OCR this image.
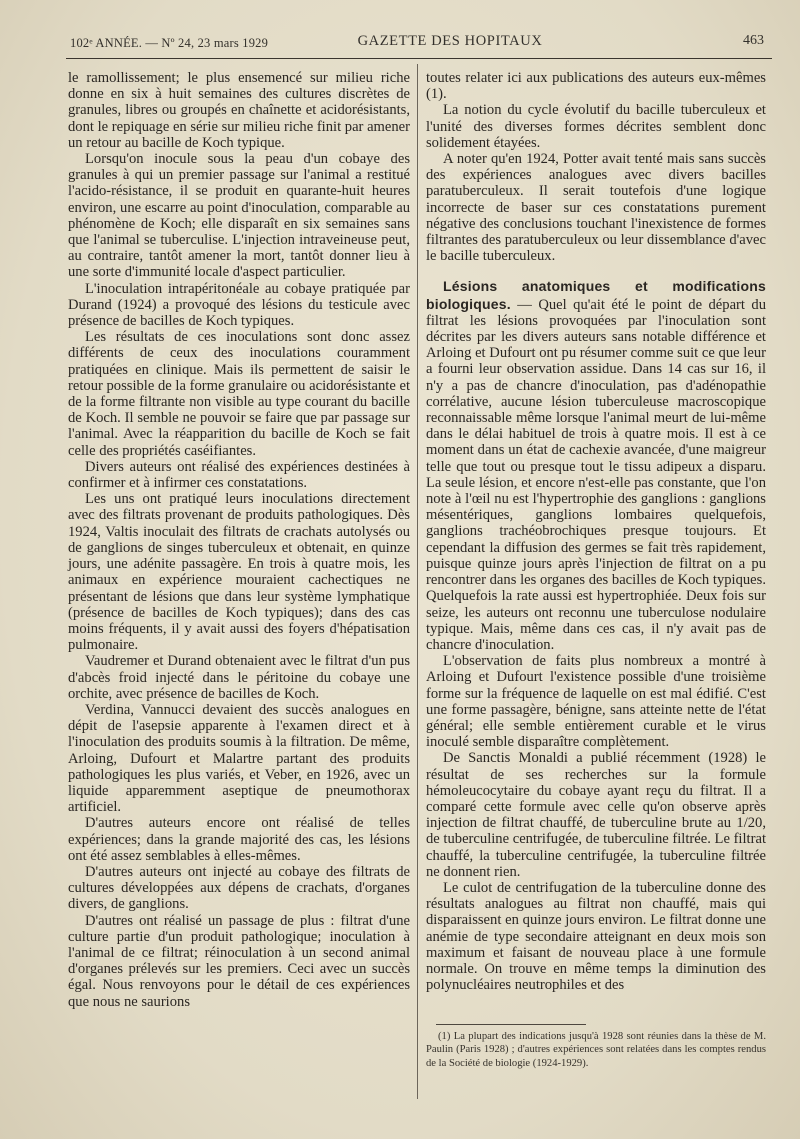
102ᵉ ANNÉE. — Nº 24, 23 mars 1929	GAZETTE DES HOPITAUX	463

le ramollissement; le plus ensemencé sur milieu riche donne en six à huit semaines des cultures discrètes de granules, libres ou groupés en chaînette et acidorésistants, dont le repiquage en série sur milieu riche finit par amener un retour au bacille de Koch typique.

Lorsqu'on inocule sous la peau d'un cobaye des granules à qui un premier passage sur l'animal a restitué l'acido-résistance, il se produit en quarante-huit heures environ, une escarre au point d'inoculation, comparable au phénomène de Koch; elle disparaît en six semaines sans que l'animal se tuberculise. L'injection intraveineuse peut, au contraire, tantôt amener la mort, tantôt donner lieu à une sorte d'immunité locale d'aspect particulier.

L'inoculation intrapéritonéale au cobaye pratiquée par Durand (1924) a provoqué des lésions du testicule avec présence de bacilles de Koch typiques.

Les résultats de ces inoculations sont donc assez différents de ceux des inoculations couramment pratiquées en clinique. Mais ils permettent de saisir le retour possible de la forme granulaire ou acidorésistante et de la forme filtrante non visible au type courant du bacille de Koch. Il semble ne pouvoir se faire que par passage sur l'animal. Avec la réapparition du bacille de Koch se fait celle des propriétés caséifiantes.

Divers auteurs ont réalisé des expériences destinées à confirmer et à infirmer ces constatations.

Les uns ont pratiqué leurs inoculations directement avec des filtrats provenant de produits pathologiques. Dès 1924, Valtis inoculait des filtrats de crachats autolysés ou de ganglions de singes tuberculeux et obtenait, en quinze jours, une adénite passagère. En trois à quatre mois, les animaux en expérience mouraient cachectiques ne présentant de lésions que dans leur système lymphatique (présence de bacilles de Koch typiques); dans des cas moins fréquents, il y avait aussi des foyers d'hépatisation pulmonaire.

Vaudremer et Durand obtenaient avec le filtrat d'un pus d'abcès froid injecté dans le péritoine du cobaye une orchite, avec présence de bacilles de Koch.

Verdina, Vannucci devaient des succès analogues en dépit de l'asepsie apparente à l'examen direct et à l'inoculation des produits soumis à la filtration. De même, Arloing, Dufourt et Malartre partant des produits pathologiques les plus variés, et Veber, en 1926, avec un liquide apparemment aseptique de pneumothorax artificiel.

D'autres auteurs encore ont réalisé de telles expériences; dans la grande majorité des cas, les lésions ont été assez semblables à elles-mêmes.

D'autres auteurs ont injecté au cobaye des filtrats de cultures développées aux dépens de crachats, d'organes divers, de ganglions.

D'autres ont réalisé un passage de plus : filtrat d'une culture partie d'un produit pathologique; inoculation à l'animal de ce filtrat; réinoculation à un second animal d'organes prélevés sur les premiers. Ceci avec un succès égal. Nous renvoyons pour le détail de ces expériences que nous ne saurions

toutes relater ici aux publications des auteurs eux-mêmes (1).

La notion du cycle évolutif du bacille tuberculeux et l'unité des diverses formes décrites semblent donc solidement étayées.

A noter qu'en 1924, Potter avait tenté mais sans succès des expériences analogues avec divers bacilles paratuberculeux. Il serait toutefois d'une logique incorrecte de baser sur ces constatations purement négative des conclusions touchant l'inexistence de formes filtrantes des paratuberculeux ou leur dissemblance d'avec le bacille tuberculeux.

Lésions anatomiques et modifications biologiques. — Quel qu'ait été le point de départ du filtrat les lésions provoquées par l'inoculation sont décrites par les divers auteurs sans notable différence et Arloing et Dufourt ont pu résumer comme suit ce que leur a fourni leur observation assidue. Dans 14 cas sur 16, il n'y a pas de chancre d'inoculation, pas d'adénopathie corrélative, aucune lésion tuberculeuse macroscopique reconnaissable même lorsque l'animal meurt de lui-même dans le délai habituel de trois à quatre mois. Il est à ce moment dans un état de cachexie avancée, d'une maigreur telle que tout ou presque tout le tissu adipeux a disparu. La seule lésion, et encore n'est-elle pas constante, que l'on note à l'œil nu est l'hypertrophie des ganglions : ganglions mésentériques, ganglions lombaires quelquefois, ganglions trachéobrochiques presque toujours. Et cependant la diffusion des germes se fait très rapidement, puisque quinze jours après l'injection de filtrat on a pu rencontrer dans les organes des bacilles de Koch typiques. Quelquefois la rate aussi est hypertrophiée. Deux fois sur seize, les auteurs ont reconnu une tuberculose nodulaire typique. Mais, même dans ces cas, il n'y avait pas de chancre d'inoculation.

L'observation de faits plus nombreux a montré à Arloing et Dufourt l'existence possible d'une troisième forme sur la fréquence de laquelle on est mal édifié. C'est une forme passagère, bénigne, sans atteinte nette de l'état général; elle semble entièrement curable et le virus inoculé semble disparaître complètement.

De Sanctis Monaldi a publié récemment (1928) le résultat de ses recherches sur la formule hémoleucocytaire du cobaye ayant reçu du filtrat. Il a comparé cette formule avec celle qu'on observe après injection de filtrat chauffé, de tuberculine brute au 1/20, de tuberculine centrifugée, de tuberculine filtrée. Le filtrat chauffé, la tuberculine centrifugée, la tuberculine filtrée ne donnent rien.

Le culot de centrifugation de la tuberculine donne des résultats analogues au filtrat non chauffé, mais qui disparaissent en quinze jours environ. Le filtrat donne une anémie de type secondaire atteignant en deux mois son maximum et faisant de nouveau place à une formule normale. On trouve en même temps la diminution des polynucléaires neutrophiles et des

(1) La plupart des indications jusqu'à 1928 sont réunies dans la thèse de M. Paulin (Paris 1928) ; d'autres expériences sont relatées dans les comptes rendus de la Société de biologie (1924-1929).
